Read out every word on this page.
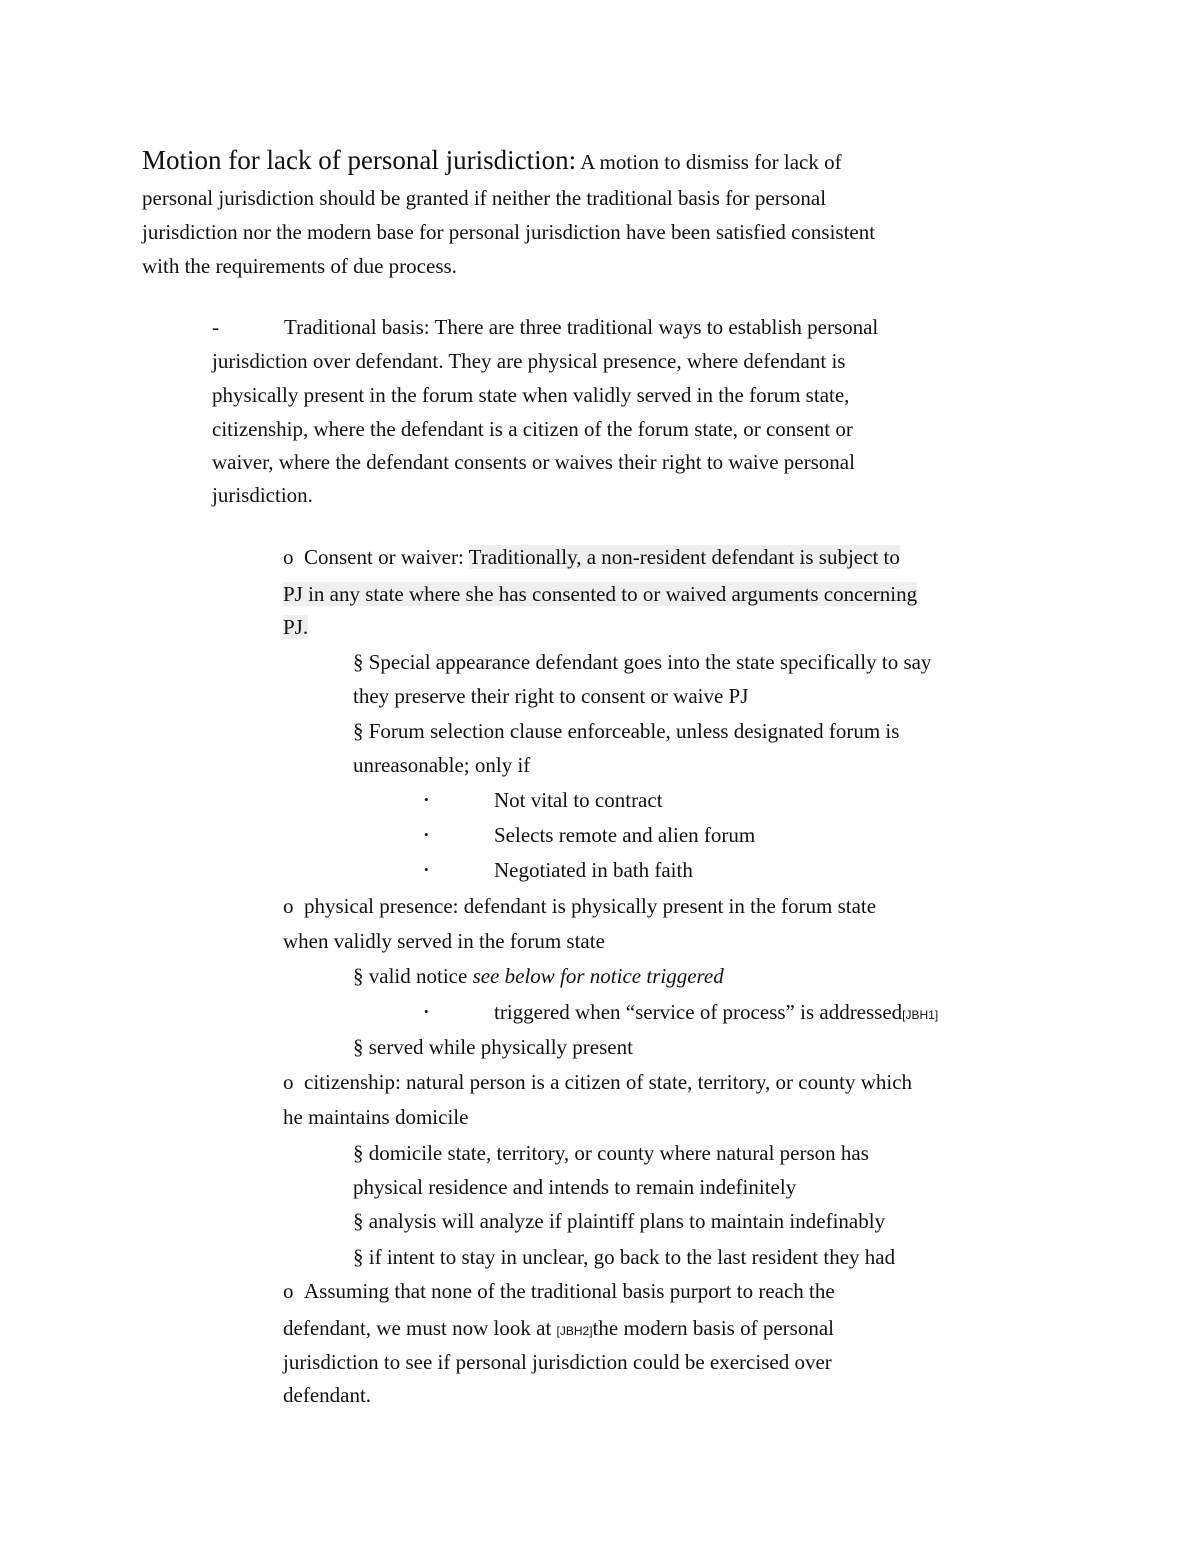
Motion for lack of personal jurisdiction: A motion to dismiss for lack of
personal jurisdiction should be granted if neither the traditional basis for personal
jurisdiction nor the modern base for personal jurisdiction have been satisfied consistent
with the requirements of due process.
-	Traditional basis: There are three traditional ways to establish personal
jurisdiction over defendant. They are physical presence, where defendant is
physically present in the forum state when validly served in the forum state,
citizenship, where the defendant is a citizen of the forum state, or consent or
waiver, where the defendant consents or waives their right to waive personal
jurisdiction.
o Consent or waiver: Traditionally, a non-resident defendant is subject to
PJ in any state where she has consented to or waived arguments concerning
PJ.
§ Special appearance defendant goes into the state specifically to say
they preserve their right to consent or waive PJ
§ Forum selection clause enforceable, unless designated forum is
unreasonable; only if
•	Not vital to contract
•	Selects remote and alien forum
•	Negotiated in bath faith
o physical presence: defendant is physically present in the forum state
when validly served in the forum state
§ valid notice see below for notice triggered
•	triggered when “service of process” is addressed[JBH1]
§ served while physically present
o citizenship: natural person is a citizen of state, territory, or county which
he maintains domicile
§ domicile state, territory, or county where natural person has
physical residence and intends to remain indefinitely
§ analysis will analyze if plaintiff plans to maintain indefinably
§ if intent to stay in unclear, go back to the last resident they had
o Assuming that none of the traditional basis purport to reach the
defendant, we must now look at [JBH2]the modern basis of personal
jurisdiction to see if personal jurisdiction could be exercised over
defendant.
